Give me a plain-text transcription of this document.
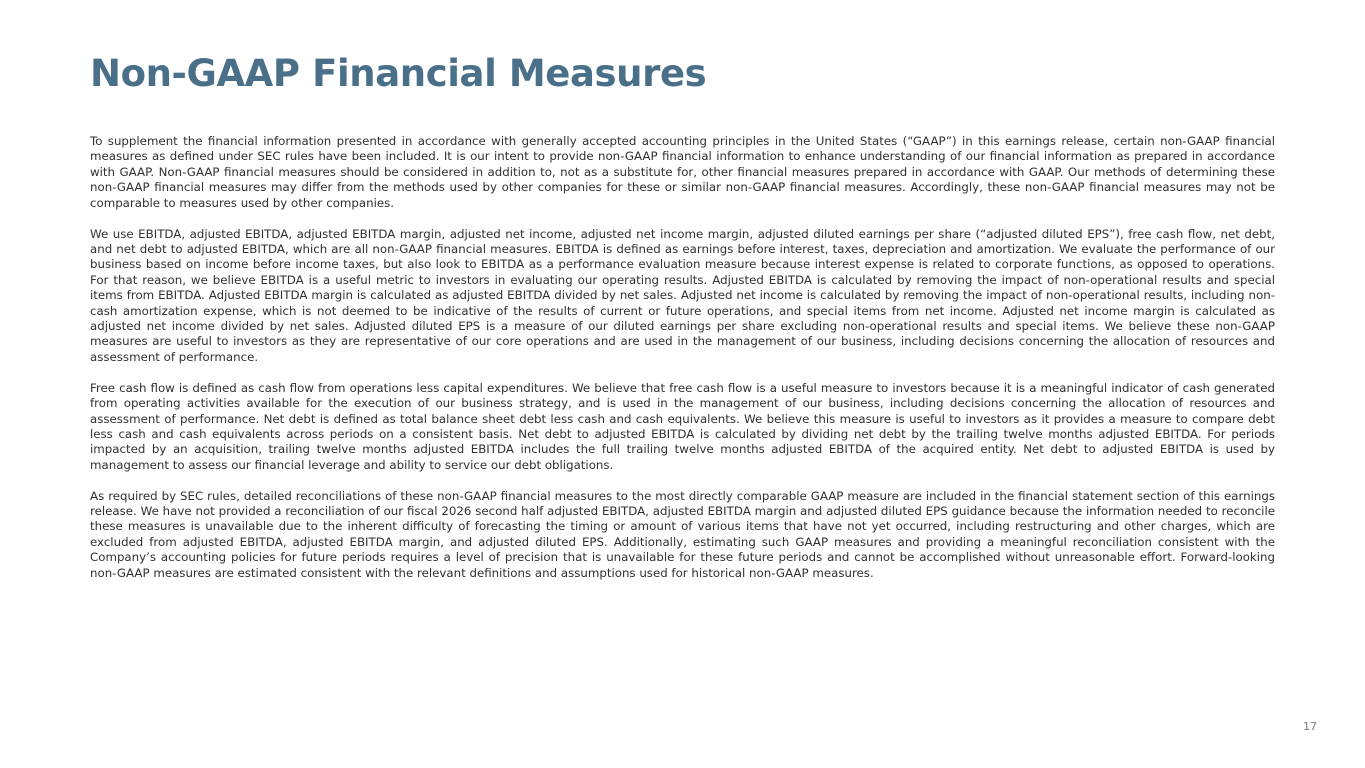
Non-GAAP Financial Measures

To supplement the financial information presented in accordance with generally accepted accounting principles in the United States (“GAAP”) in this earnings release, certain non-GAAP financial measures as defined under SEC rules have been included. It is our intent to provide non-GAAP financial information to enhance understanding of our financial information as prepared in accordance with GAAP. Non-GAAP financial measures should be considered in addition to, not as a substitute for, other financial measures prepared in accordance with GAAP. Our methods of determining these non-GAAP financial measures may differ from the methods used by other companies for these or similar non-GAAP financial measures. Accordingly, these non-GAAP financial measures may not be comparable to measures used by other companies.

We use EBITDA, adjusted EBITDA, adjusted EBITDA margin, adjusted net income, adjusted net income margin, adjusted diluted earnings per share (“adjusted diluted EPS”), free cash flow, net debt, and net debt to adjusted EBITDA, which are all non-GAAP financial measures. EBITDA is defined as earnings before interest, taxes, depreciation and amortization. We evaluate the performance of our business based on income before income taxes, but also look to EBITDA as a performance evaluation measure because interest expense is related to corporate functions, as opposed to operations. For that reason, we believe EBITDA is a useful metric to investors in evaluating our operating results. Adjusted EBITDA is calculated by removing the impact of non-operational results and special items from EBITDA. Adjusted EBITDA margin is calculated as adjusted EBITDA divided by net sales. Adjusted net income is calculated by removing the impact of non-operational results, including non-cash amortization expense, which is not deemed to be indicative of the results of current or future operations, and special items from net income. Adjusted net income margin is calculated as adjusted net income divided by net sales. Adjusted diluted EPS is a measure of our diluted earnings per share excluding non-operational results and special items. We believe these non-GAAP measures are useful to investors as they are representative of our core operations and are used in the management of our business, including decisions concerning the allocation of resources and assessment of performance.

Free cash flow is defined as cash flow from operations less capital expenditures. We believe that free cash flow is a useful measure to investors because it is a meaningful indicator of cash generated from operating activities available for the execution of our business strategy, and is used in the management of our business, including decisions concerning the allocation of resources and assessment of performance. Net debt is defined as total balance sheet debt less cash and cash equivalents. We believe this measure is useful to investors as it provides a measure to compare debt less cash and cash equivalents across periods on a consistent basis. Net debt to adjusted EBITDA is calculated by dividing net debt by the trailing twelve months adjusted EBITDA. For periods impacted by an acquisition, trailing twelve months adjusted EBITDA includes the full trailing twelve months adjusted EBITDA of the acquired entity. Net debt to adjusted EBITDA is used by management to assess our financial leverage and ability to service our debt obligations.

As required by SEC rules, detailed reconciliations of these non-GAAP financial measures to the most directly comparable GAAP measure are included in the financial statement section of this earnings release. We have not provided a reconciliation of our fiscal 2026 second half adjusted EBITDA, adjusted EBITDA margin and adjusted diluted EPS guidance because the information needed to reconcile these measures is unavailable due to the inherent difficulty of forecasting the timing or amount of various items that have not yet occurred, including restructuring and other charges, which are excluded from adjusted EBITDA, adjusted EBITDA margin, and adjusted diluted EPS. Additionally, estimating such GAAP measures and providing a meaningful reconciliation consistent with the Company’s accounting policies for future periods requires a level of precision that is unavailable for these future periods and cannot be accomplished without unreasonable effort. Forward-looking non-GAAP measures are estimated consistent with the relevant definitions and assumptions used for historical non-GAAP measures.

17
